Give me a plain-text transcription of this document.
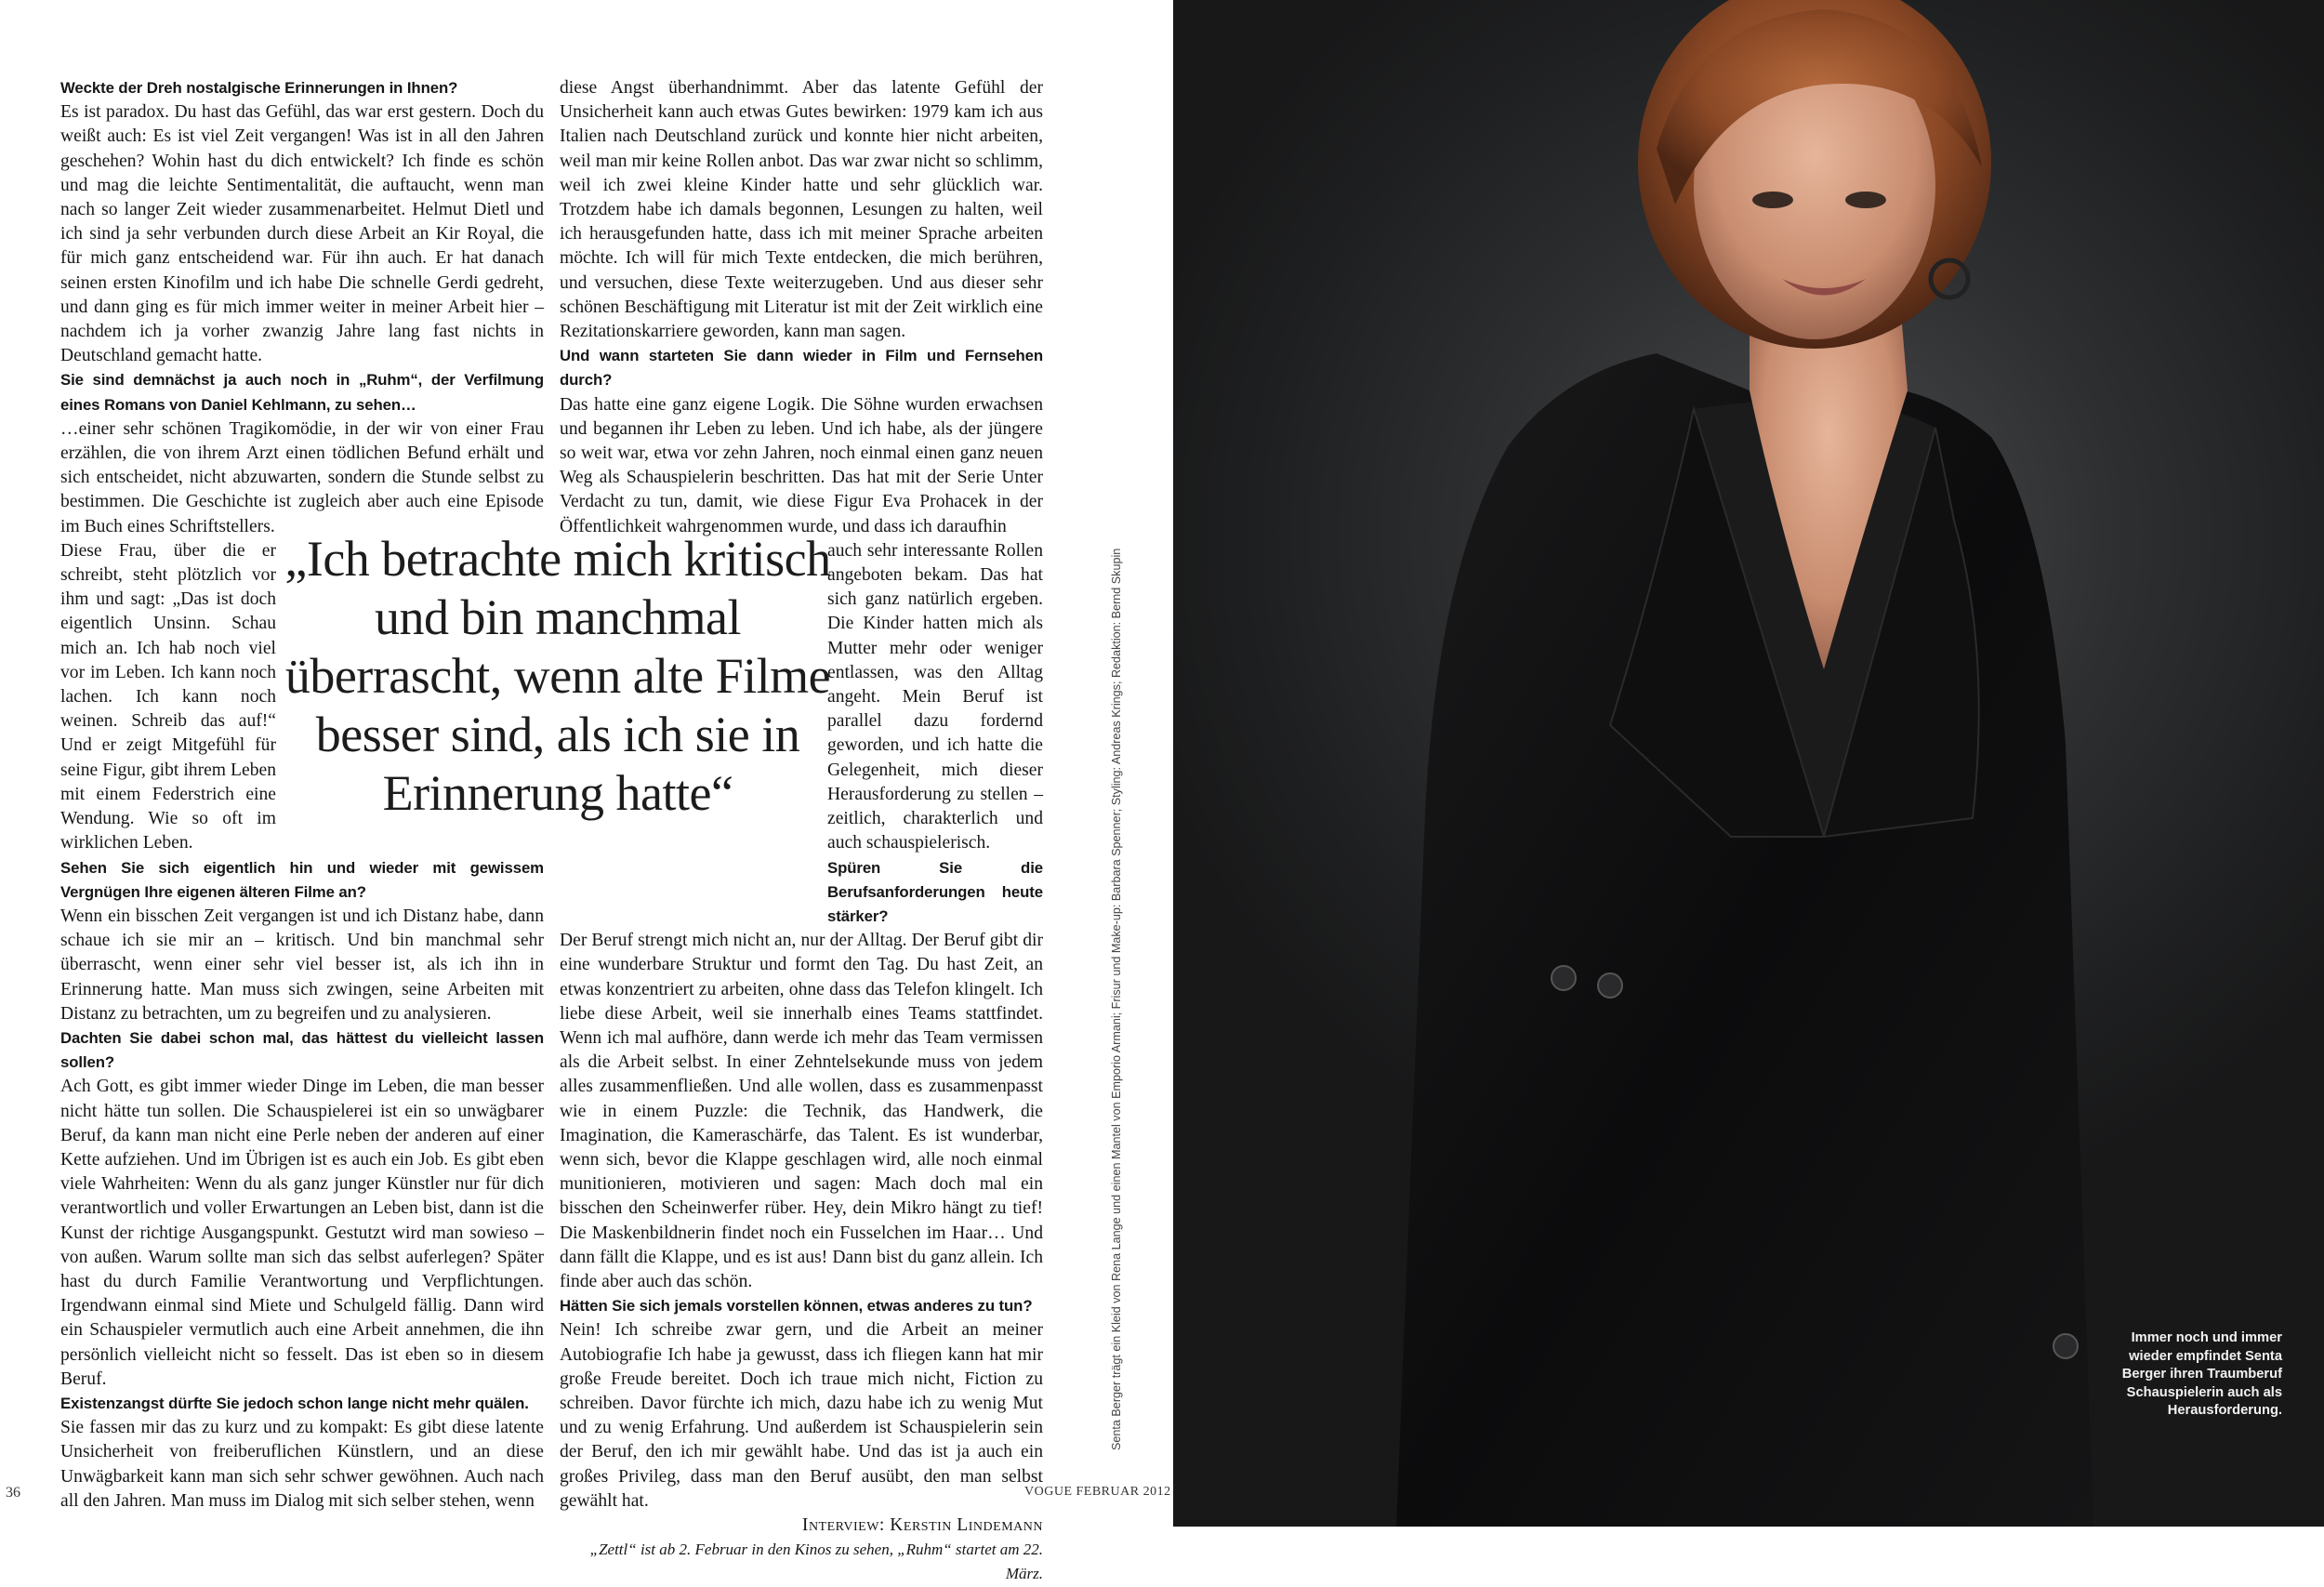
Weckte der Dreh nostalgische Erinnerungen in Ihnen?

Es ist paradox. Du hast das Gefühl, das war erst gestern. Doch du weißt auch: Es ist viel Zeit vergangen! Was ist in all den Jahren geschehen? Wohin hast du dich entwickelt? Ich finde es schön und mag die leichte Sentimentalität, die auftaucht, wenn man nach so langer Zeit wieder zusammenarbeitet. Helmut Dietl und ich sind ja sehr verbunden durch diese Arbeit an Kir Royal, die für mich ganz entscheidend war. Für ihn auch. Er hat danach seinen ersten Kinofilm und ich habe Die schnelle Gerdi gedreht, und dann ging es für mich immer weiter in meiner Arbeit hier – nachdem ich ja vorher zwanzig Jahre lang fast nichts in Deutschland gemacht hatte.

Sie sind demnächst ja auch noch in „Ruhm“, der Verfilmung eines Romans von Daniel Kehlmann, zu sehen…

…einer sehr schönen Tragikomödie, in der wir von einer Frau erzählen, die von ihrem Arzt einen tödlichen Befund erhält und sich entscheidet, nicht abzuwarten, sondern die Stunde selbst zu bestimmen. Die Geschichte ist zugleich aber auch eine Episode im Buch eines Schriftstellers.

Diese Frau, über die er schreibt, steht plötzlich vor ihm und sagt: „Das ist doch eigentlich Unsinn. Schau mich an. Ich hab noch viel vor im Leben. Ich kann noch lachen. Ich kann noch weinen. Schreib das auf!“ Und er zeigt Mitgefühl für seine Figur, gibt ihrem Leben mit einem Federstrich eine Wendung. Wie so oft im wirklichen Leben.

Sehen Sie sich eigentlich hin und wieder mit gewissem Vergnügen Ihre eigenen älteren Filme an?

Wenn ein bisschen Zeit vergangen ist und ich Distanz habe, dann schaue ich sie mir an – kritisch. Und bin manchmal sehr überrascht, wenn einer sehr viel besser ist, als ich ihn in Erinnerung hatte. Man muss sich zwingen, seine Arbeiten mit Distanz zu betrachten, um zu begreifen und zu analysieren.

Dachten Sie dabei schon mal, das hättest du vielleicht lassen sollen?

Ach Gott, es gibt immer wieder Dinge im Leben, die man besser nicht hätte tun sollen. Die Schauspielerei ist ein so unwägbarer Beruf, da kann man nicht eine Perle neben der anderen auf einer Kette aufziehen. Und im Übrigen ist es auch ein Job. Es gibt eben viele Wahrheiten: Wenn du als ganz junger Künstler nur für dich verantwortlich und voller Erwartungen an Leben bist, dann ist die Kunst der richtige Ausgangspunkt. Gestutzt wird man sowieso – von außen. Warum sollte man sich das selbst auferlegen? Später hast du durch Familie Verantwortung und Verpflichtungen. Irgendwann einmal sind Miete und Schulgeld fällig. Dann wird ein Schauspieler vermutlich auch eine Arbeit annehmen, die ihn persönlich vielleicht nicht so fesselt. Das ist eben so in diesem Beruf.

Existenzangst dürfte Sie jedoch schon lange nicht mehr quälen.

Sie fassen mir das zu kurz und zu kompakt: Es gibt diese latente Unsicherheit von freiberuflichen Künstlern, und an diese Unwägbarkeit kann man sich sehr schwer gewöhnen. Auch nach all den Jahren. Man muss im Dialog mit sich selber stehen, wenn

diese Angst überhandnimmt. Aber das latente Gefühl der Unsicherheit kann auch etwas Gutes bewirken: 1979 kam ich aus Italien nach Deutschland zurück und konnte hier nicht arbeiten, weil man mir keine Rollen anbot. Das war zwar nicht so schlimm, weil ich zwei kleine Kinder hatte und sehr glücklich war. Trotzdem habe ich damals begonnen, Lesungen zu halten, weil ich herausgefunden hatte, dass ich mit meiner Sprache arbeiten möchte. Ich will für mich Texte entdecken, die mich berühren, und versuchen, diese Texte weiterzugeben. Und aus dieser sehr schönen Beschäftigung mit Literatur ist mit der Zeit wirklich eine Rezitationskarriere geworden, kann man sagen.

Und wann starteten Sie dann wieder in Film und Fernsehen durch?

Das hatte eine ganz eigene Logik. Die Söhne wurden erwachsen und begannen ihr Leben zu leben. Und ich habe, als der jüngere so weit war, etwa vor zehn Jahren, noch einmal einen ganz neuen Weg als Schauspielerin beschritten. Das hat mit der Serie Unter Verdacht zu tun, damit, wie diese Figur Eva Prohacek in der Öffentlichkeit wahrgenommen wurde, und dass ich daraufhin

auch sehr interessante Rollen angeboten bekam. Das hat sich ganz natürlich ergeben. Die Kinder hatten mich als Mutter mehr oder weniger entlassen, was den Alltag angeht. Mein Beruf ist parallel dazu fordernd geworden, und ich hatte die Gelegenheit, mich dieser Herausforderung zu stellen – zeitlich, charakterlich und auch schauspielerisch.

Spüren Sie die Berufsanforderungen heute stärker?

Der Beruf strengt mich nicht an, nur der Alltag. Der Beruf gibt dir eine wunderbare Struktur und formt den Tag. Du hast Zeit, an etwas konzentriert zu arbeiten, ohne dass das Telefon klingelt. Ich liebe diese Arbeit, weil sie innerhalb eines Teams stattfindet. Wenn ich mal aufhöre, dann werde ich mehr das Team vermissen als die Arbeit selbst. In einer Zehntelsekunde muss von jedem alles zusammenfließen. Und alle wollen, dass es zusammenpasst wie in einem Puzzle: die Technik, das Handwerk, die Imagination, die Kameraschärfe, das Talent. Es ist wunderbar, wenn sich, bevor die Klappe geschlagen wird, alle noch einmal munitionieren, motivieren und sagen: Mach doch mal ein bisschen den Scheinwerfer rüber. Hey, dein Mikro hängt zu tief! Die Maskenbildnerin findet noch ein Fusselchen im Haar… Und dann fällt die Klappe, und es ist aus! Dann bist du ganz allein. Ich finde aber auch das schön.

Hätten Sie sich jemals vorstellen können, etwas anderes zu tun?

Nein! Ich schreibe zwar gern, und die Arbeit an meiner Autobiografie Ich habe ja gewusst, dass ich fliegen kann hat mir große Freude bereitet. Doch ich traue mich nicht, Fiction zu schreiben. Davor fürchte ich mich, dazu habe ich zu wenig Mut und zu wenig Erfahrung. Und außerdem ist Schauspielerin sein der Beruf, den ich mir gewählt habe. Und das ist ja auch ein großes Privileg, dass man den Beruf ausübt, den man selbst gewählt hat.

Interview: Kerstin Lindemann

„Zettl“ ist ab 2. Februar in den Kinos zu sehen, „Ruhm“ startet am 22. März.

„Ich betrachte mich kritisch und bin manchmal überrascht, wenn alte Filme besser sind, als ich sie in Erinnerung hatte“
36	VOGUE FEBRUAR 2012
Senta Berger trägt ein Kleid von Rena Lange und einen Mantel von Emporio Armani; Frisur und Make-up: Barbara Spenner; Styling: Andreas Krings; Redaktion: Bernd Skupin	Immer noch und immer wieder empfindet Senta Berger ihren Traumberuf Schauspielerin auch als Herausforderung.
